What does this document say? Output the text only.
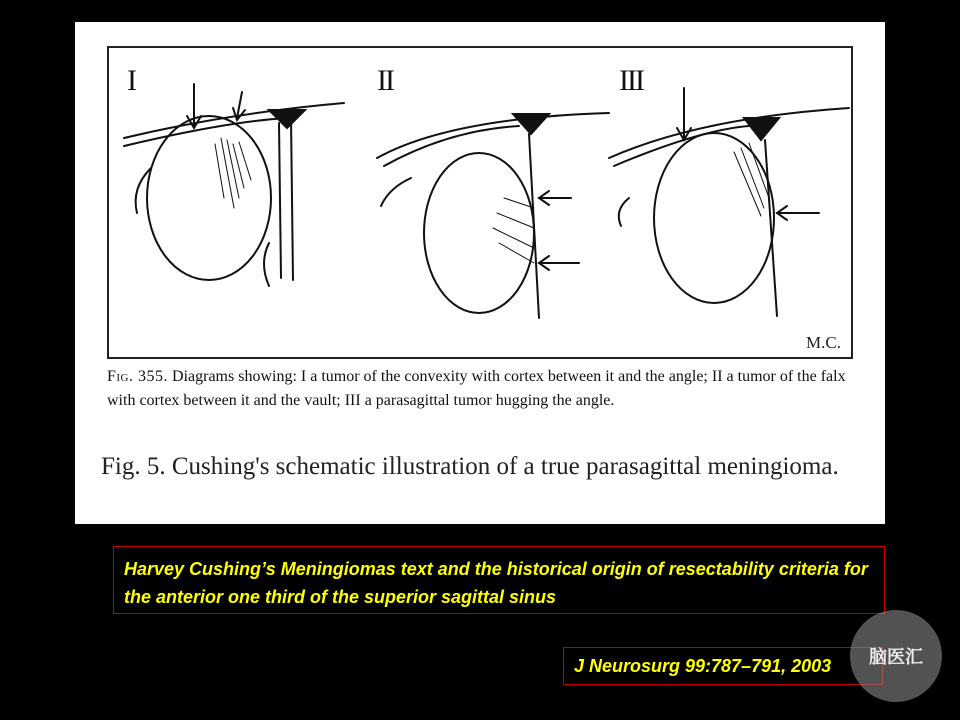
I	II	III
M.C.

Fig. 355. Diagrams showing: I a tumor of the convexity with cortex between it and the angle; II a tumor of the falx with cortex between it and the vault; III a parasagittal tumor hugging the angle.

Fig. 5. Cushing's schematic illustration of a true parasagittal meningioma.

Harvey Cushing’s Meningiomas text and the historical origin of resectability criteria for the anterior one third of the superior sagittal sinus
J Neurosurg 99:787–791, 2003	脑医汇
